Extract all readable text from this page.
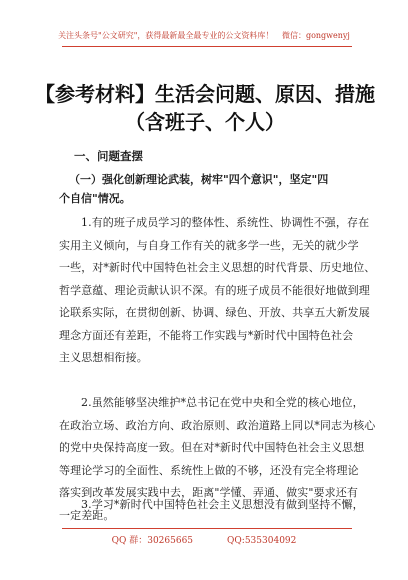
关注头条号"公文研究"，获得最新最全最专业的公文资料库！ 微信：gongwenyj
【参考材料】生活会问题、原因、措施（含班子、个人）
一、问题查摆
（一）强化创新理论武装，树牢"四个意识"，坚定"四
个自信"情况。
1.有的班子成员学习的整体性、系统性、协调性不强，存在
实用主义倾向，与自身工作有关的就多学一些，无关的就少学
一些，对*新时代中国特色社会主义思想的时代背景、历史地位、
哲学意蕴、理论贡献认识不深。有的班子成员不能很好地做到理
论联系实际，在贯彻创新、协调、绿色、开放、共享五大新发展
理念方面还有差距，不能将工作实践与*新时代中国特色社会
主义思想相衔接。
2.虽然能够坚决维护*总书记在党中央和全党的核心地位，
在政治立场、政治方向、政治原则、政治道路上同以*同志为核心
的党中央保持高度一致。但在对*新时代中国特色社会主义思想
等理论学习的全面性、系统性上做的不够，还没有完全将理论
落实到改革发展实践中去，距离"学懂、弄通、做实"要求还有
一定差距。
3.学习*新时代中国特色社会主义思想没有做到坚持不懈，
QQ 群：30265665	QQ:535304092
